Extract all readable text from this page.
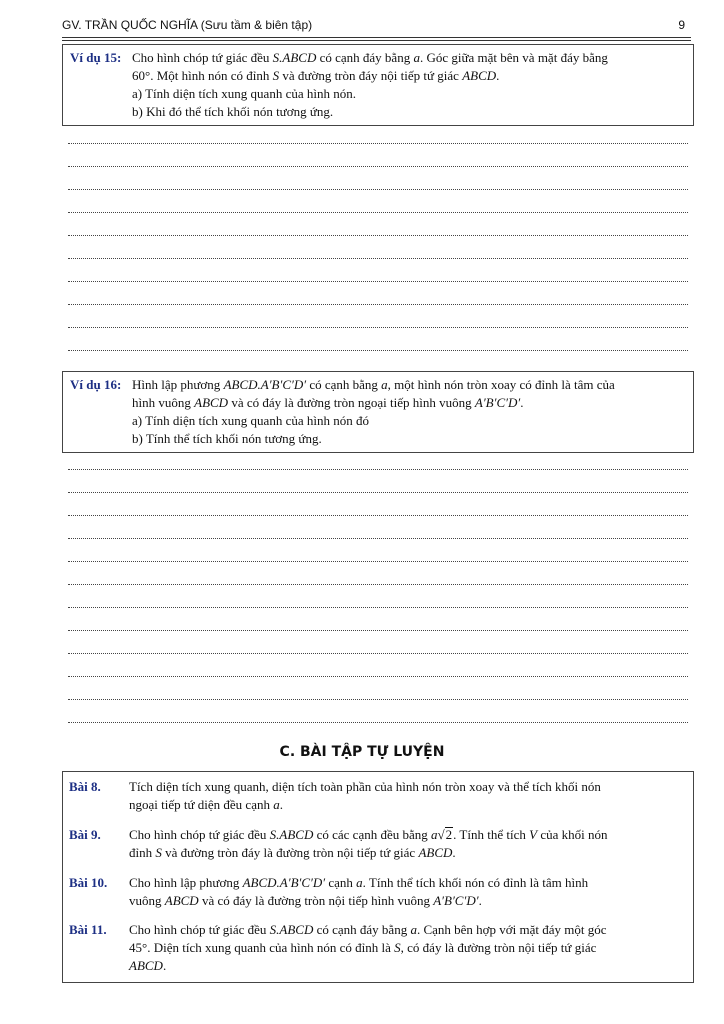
GV. TRẦN QUỐC NGHĨA (Sưu tầm & biên tập)	9
Ví dụ 15: Cho hình chóp tứ giác đều S.ABCD có cạnh đáy bằng a. Góc giữa mặt bên và mặt đáy bằng
60°. Một hình nón có đỉnh S và đường tròn đáy nội tiếp tứ giác ABCD.
a) Tính diện tích xung quanh của hình nón.
b) Khi đó thể tích khối nón tương ứng.
Ví dụ 16: Hình lập phương ABCD.A′B′C′D′ có cạnh bằng a, một hình nón tròn xoay có đỉnh là tâm của
hình vuông ABCD và có đáy là đường tròn ngoại tiếp hình vuông A′B′C′D′.
a) Tính diện tích xung quanh của hình nón đó
b) Tính thể tích khối nón tương ứng.
C. BÀI TẬP TỰ LUYỆN
Bài 8.	Tích diện tích xung quanh, diện tích toàn phần của hình nón tròn xoay và thể tích khối nón
ngoại tiếp tứ diện đều cạnh a.
Bài 9.	Cho hình chóp tứ giác đều S.ABCD có các cạnh đều bằng a√2. Tính thể tích V của khối nón
đỉnh S và đường tròn đáy là đường tròn nội tiếp tứ giác ABCD.
Bài 10.	Cho hình lập phương ABCD.A′B′C′D′ cạnh a. Tính thể tích khối nón có đỉnh là tâm hình
vuông ABCD và có đáy là đường tròn nội tiếp hình vuông A′B′C′D′.
Bài 11.	Cho hình chóp tứ giác đều S.ABCD có cạnh đáy bằng a. Cạnh bên hợp với mặt đáy một góc
45°. Diện tích xung quanh của hình nón có đỉnh là S, có đáy là đường tròn nội tiếp tứ giác
ABCD.
